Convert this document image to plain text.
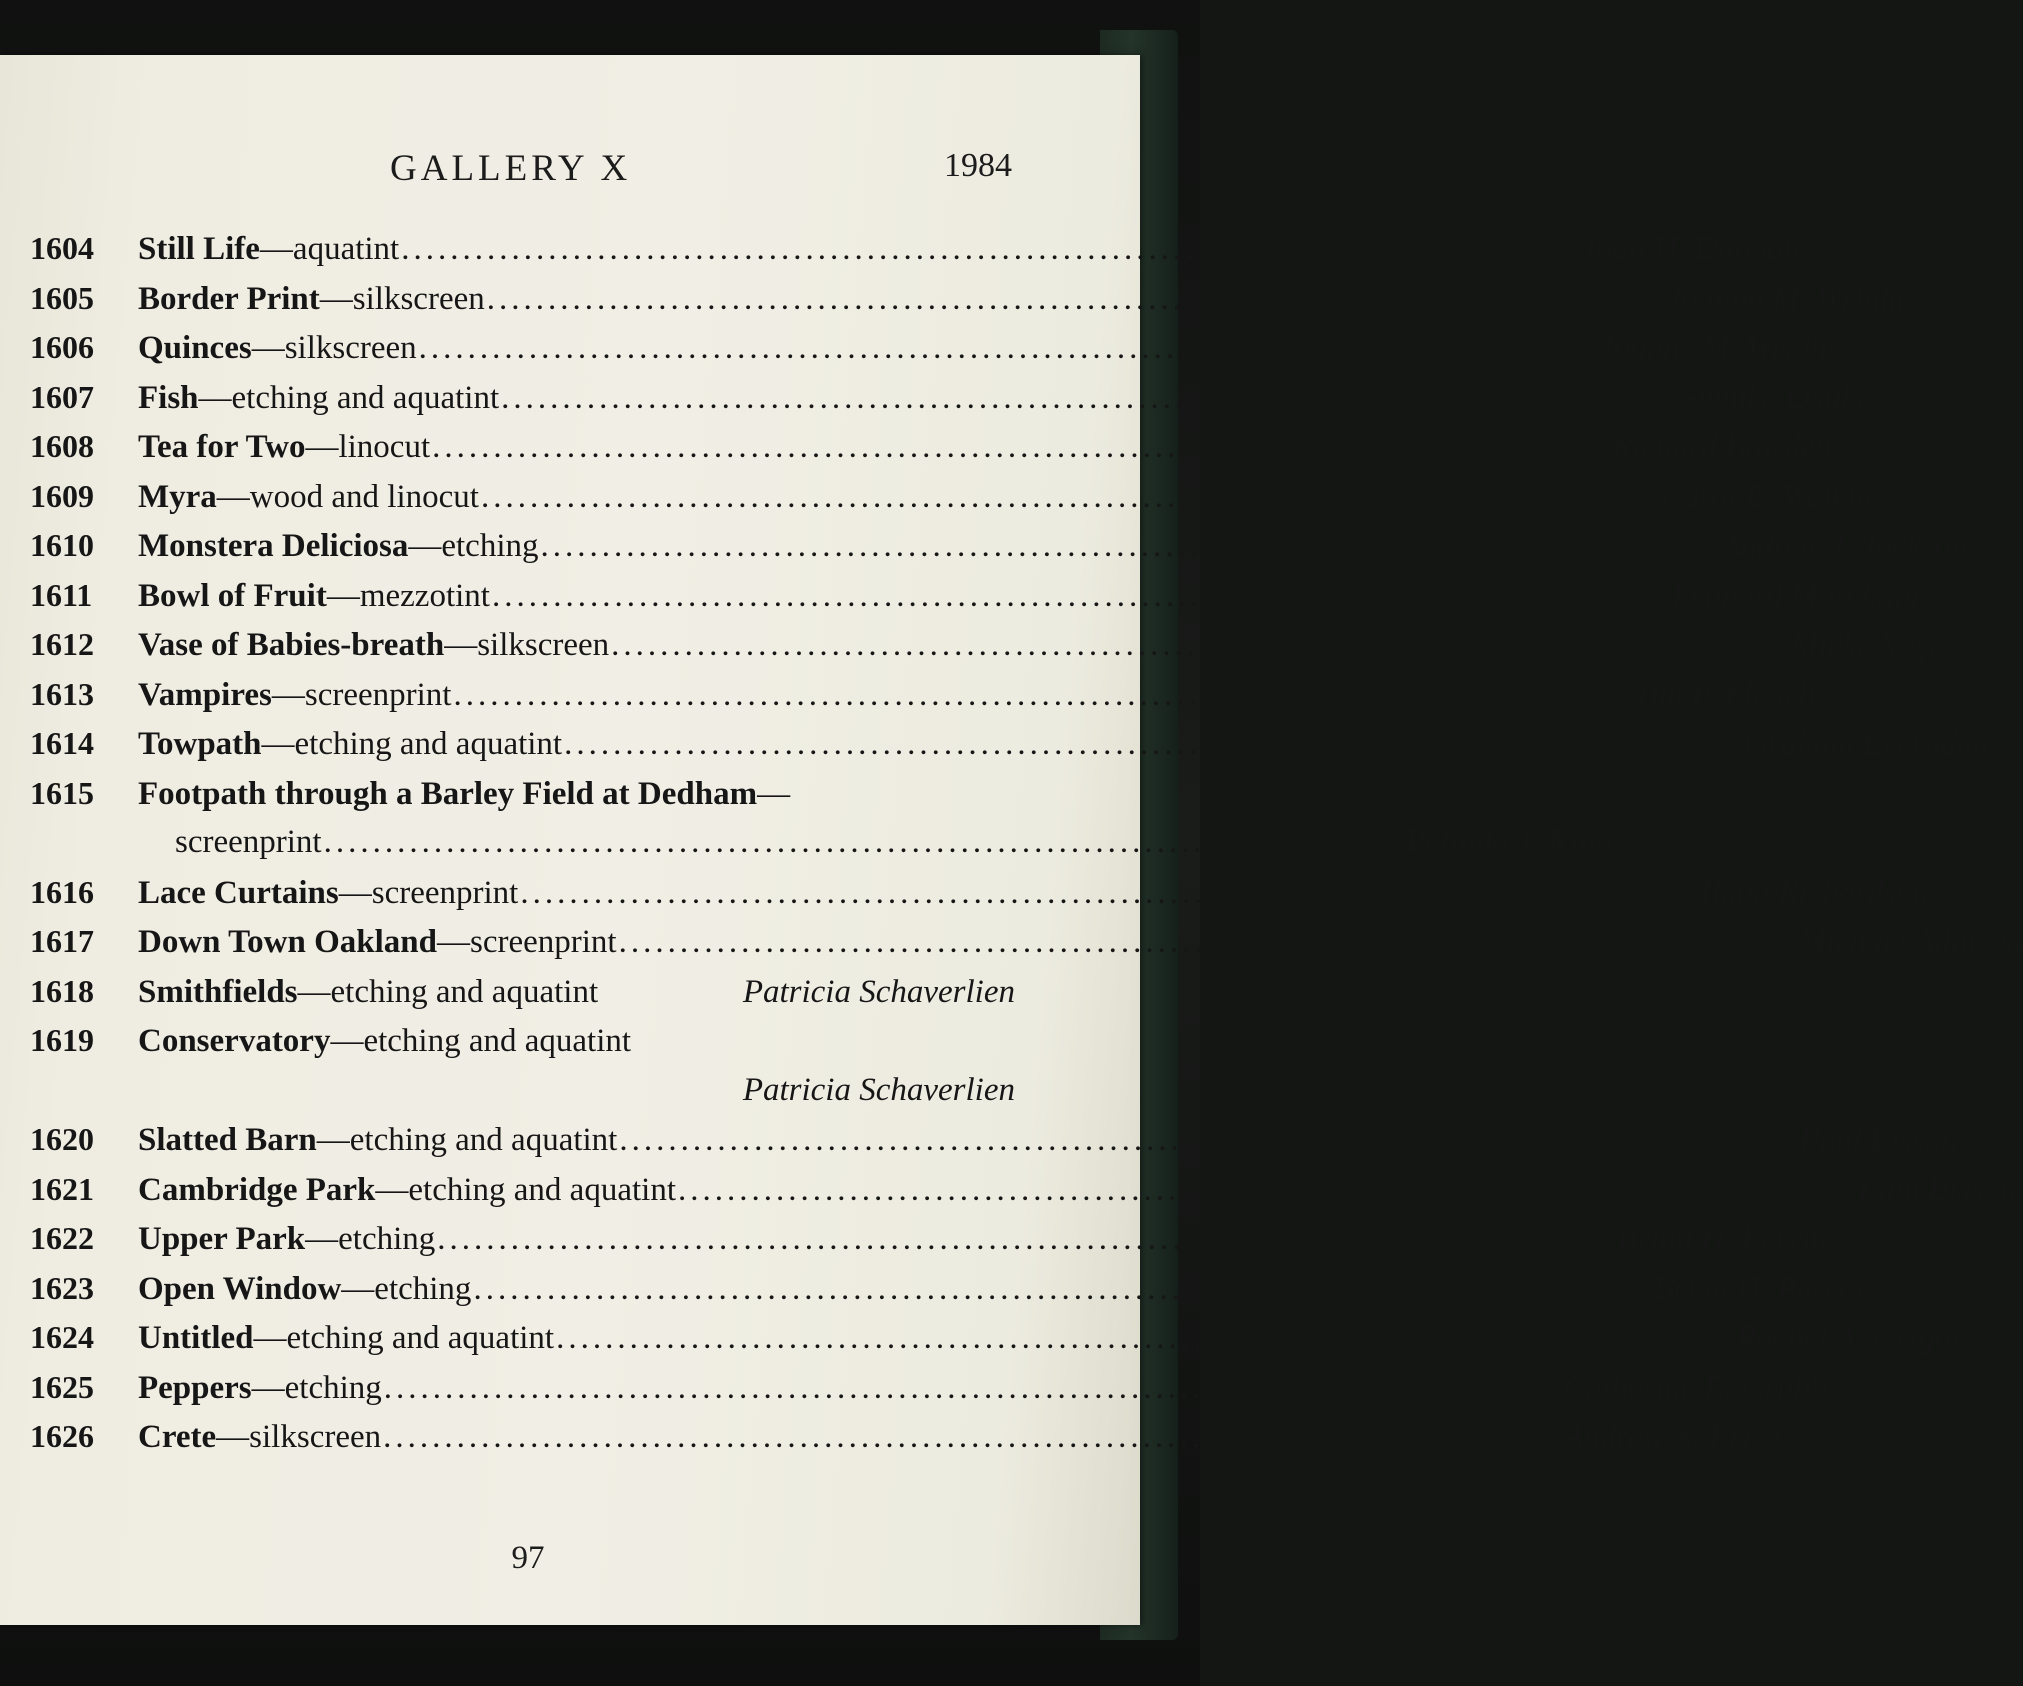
GALLERY X	1984
1604	Still Life —aquatint .....	Joan H. Dannatt
1605	Border Print —silkscreen .....	Joanna M. Wright
1606	Quinces —silkscreen .....	Joanne M. Wright
1607	Fish —etching and aquatint .....	Sumiko Okubo
1608	Tea for Two —linocut .....	Richard Bawden
1609	Myra —wood and linocut .....	Carol E. Walklin
1610	Monstera Deliciosa —etching .....	Andrew J. Jackson
1611	Bowl of Fruit —mezzotint .....	Leonard Marchant
1612	Vase of Babies-breath —silkscreen .....	Mieko Voçe
1613	Vampires —screenprint .....	Tim P. Elcoch
1614	Towpath —etching and aquatint .....	Graham Evernden
1615	Footpath through a Barley Field at Dedham —
screenprint ........................................................................................ Belinda J. King
1616	Lace Curtains —screenprint .....	Ilana Richardson
1617	Down Town Oakland —screenprint .....	Michael Addison
1618	Smithfields —etching and aquatint	Patricia Schaverlien
1619	Conservatory —etching and aquatint
Patricia Schaverlien
1620	Slatted Barn —etching and aquatint .....	Paul Bisson
1621	Cambridge Park —etching and aquatint .....	Paul Bisson
1622	Upper Park —etching .....	Brian H. Perrin
1623	Open Window —etching .....	Brian H. Perrin
1624	Untitled —etching and aquatint .....	Rachel A. Grigor
1625	Peppers —etching .....	Catherine E. Grubb
1626	Crete —silkscreen .....	Andrew A. Price
97
